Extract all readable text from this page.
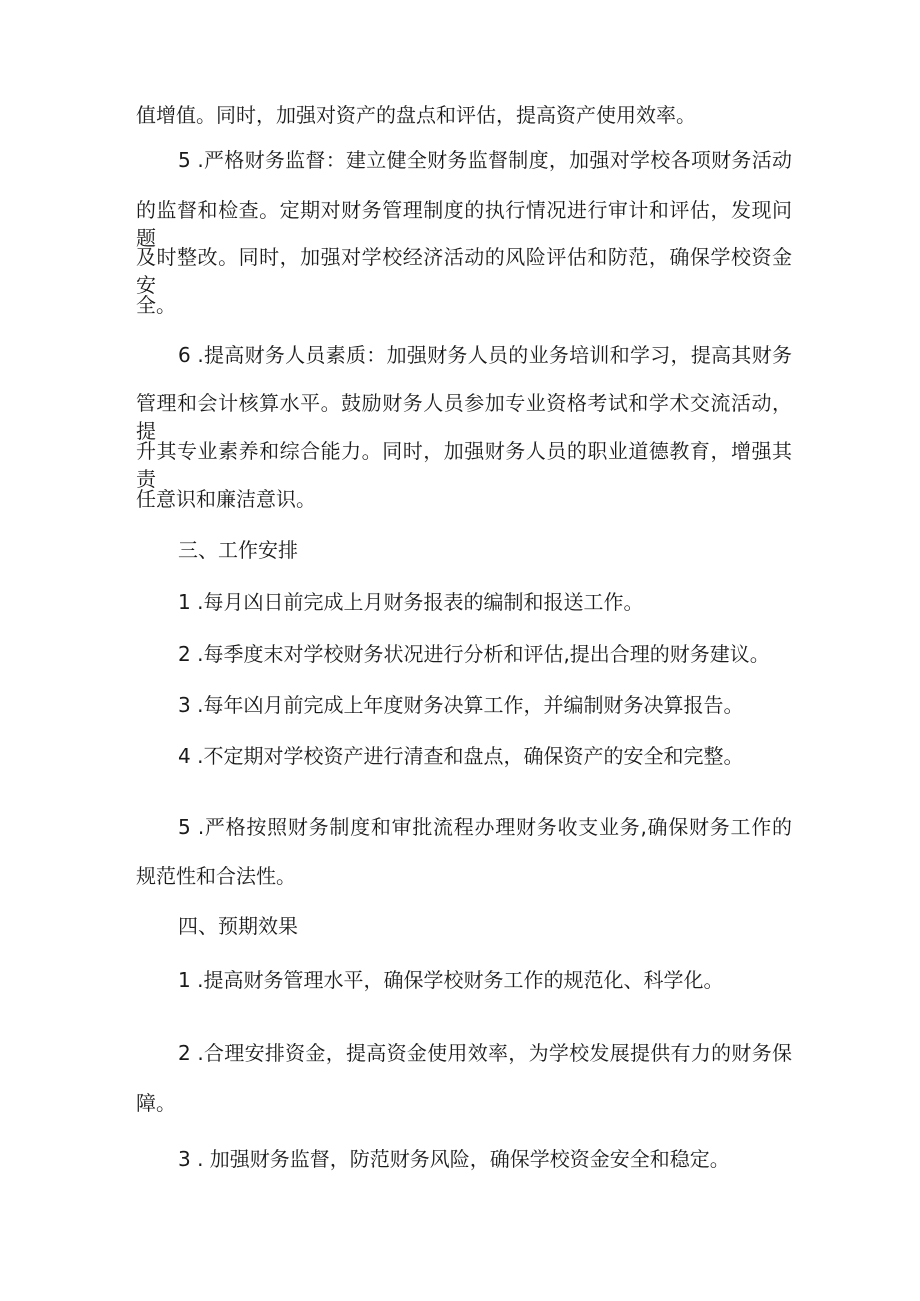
值增值。同时，加强对资产的盘点和评估，提高资产使用效率。
5 .严格财务监督：建立健全财务监督制度，加强对学校各项财务活动
的监督和检查。定期对财务管理制度的执行情况进行审计和评估，发现问题
及时整改。同时，加强对学校经济活动的风险评估和防范，确保学校资金安
全。
6 .提高财务人员素质：加强财务人员的业务培训和学习，提高其财务
管理和会计核算水平。鼓励财务人员参加专业资格考试和学术交流活动，提
升其专业素养和综合能力。同时，加强财务人员的职业道德教育，增强其责
任意识和廉洁意识。
三、工作安排
1 .每月凶日前完成上月财务报表的编制和报送工作。
2 .每季度末对学校财务状况进行分析和评估,提出合理的财务建议。
3 .每年凶月前完成上年度财务决算工作，并编制财务决算报告。
4 .不定期对学校资产进行清查和盘点，确保资产的安全和完整。
5 .严格按照财务制度和审批流程办理财务收支业务,确保财务工作的
规范性和合法性。
四、预期效果
1 .提高财务管理水平，确保学校财务工作的规范化、科学化。
2 .合理安排资金，提高资金使用效率，为学校发展提供有力的财务保
障。
3 . 加强财务监督，防范财务风险，确保学校资金安全和稳定。
